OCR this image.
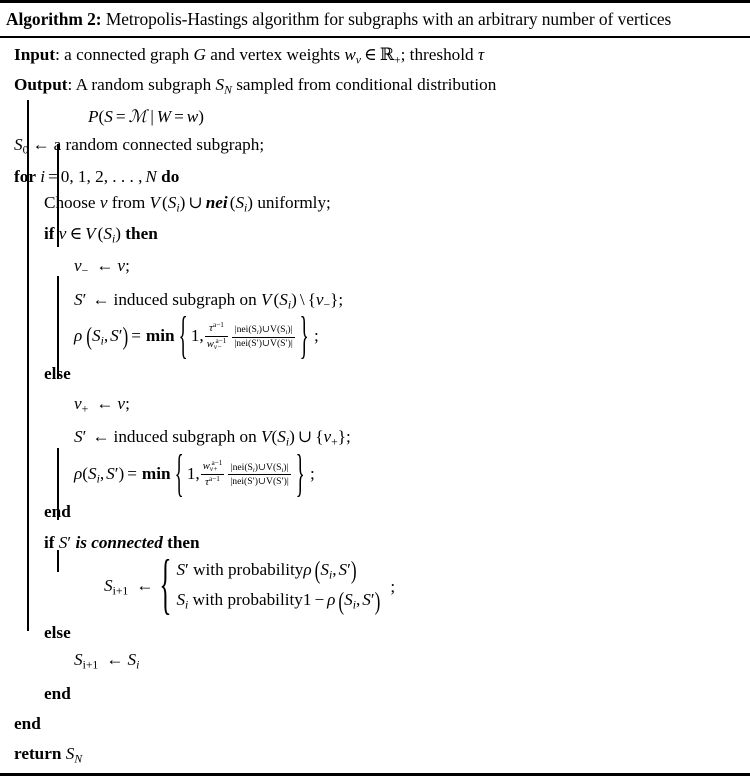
Algorithm 2: Metropolis-Hastings algorithm for subgraphs with an arbitrary number of vertices
Input: a connected graph G and vertex weights $w_v$ ∈ ℝ$_+$; threshold τ
Output: A random subgraph $S_N$ sampled from conditional distribution
P(S = ℳ | W = w)
$S_0$ ← a random connected subgraph;
for i = 0, 1, 2, . . . , N do
Choose v from V $(S_i)$ ∪ nei $(S_i)$ uniformly;
if v ∈ V $(S_i)$ then
$v_-$ ← v;
S′ ← induced subgraph on V $(S_i)$ \ $\{v_-\}$;
ρ ($S_i$, S′) = min { 1, $\frac{\tau^{a-1}}{w_{v-}^{a-1}} \frac{|nei(S_i)\cup V(S_i)|}{\text{|nei(S′)∪V(S′)|}}$ } ;
else
$v_+$ ← v;
S′ ← induced subgraph on $V(S_i)$ ∪ $\{v_+\}$;
$\rho(S_i$, S′) = min { 1, $\frac{w_{v+}^{a-1}}{\tau^{a-1}} \frac{|nei(S_i)\cup V(S_i)|}{\text{|nei(S′)∪V(S′)|}}$ } ;
end
if S′ is connected then
$S_{i+1}$ ← { S′ with probabilityρ ($S_i$, S′)
$S_i$ with probability1 − ρ ($S_i$, S′)
;
else
$S_{i+1}$ ← $S_i$
end
end
return $S_N$
